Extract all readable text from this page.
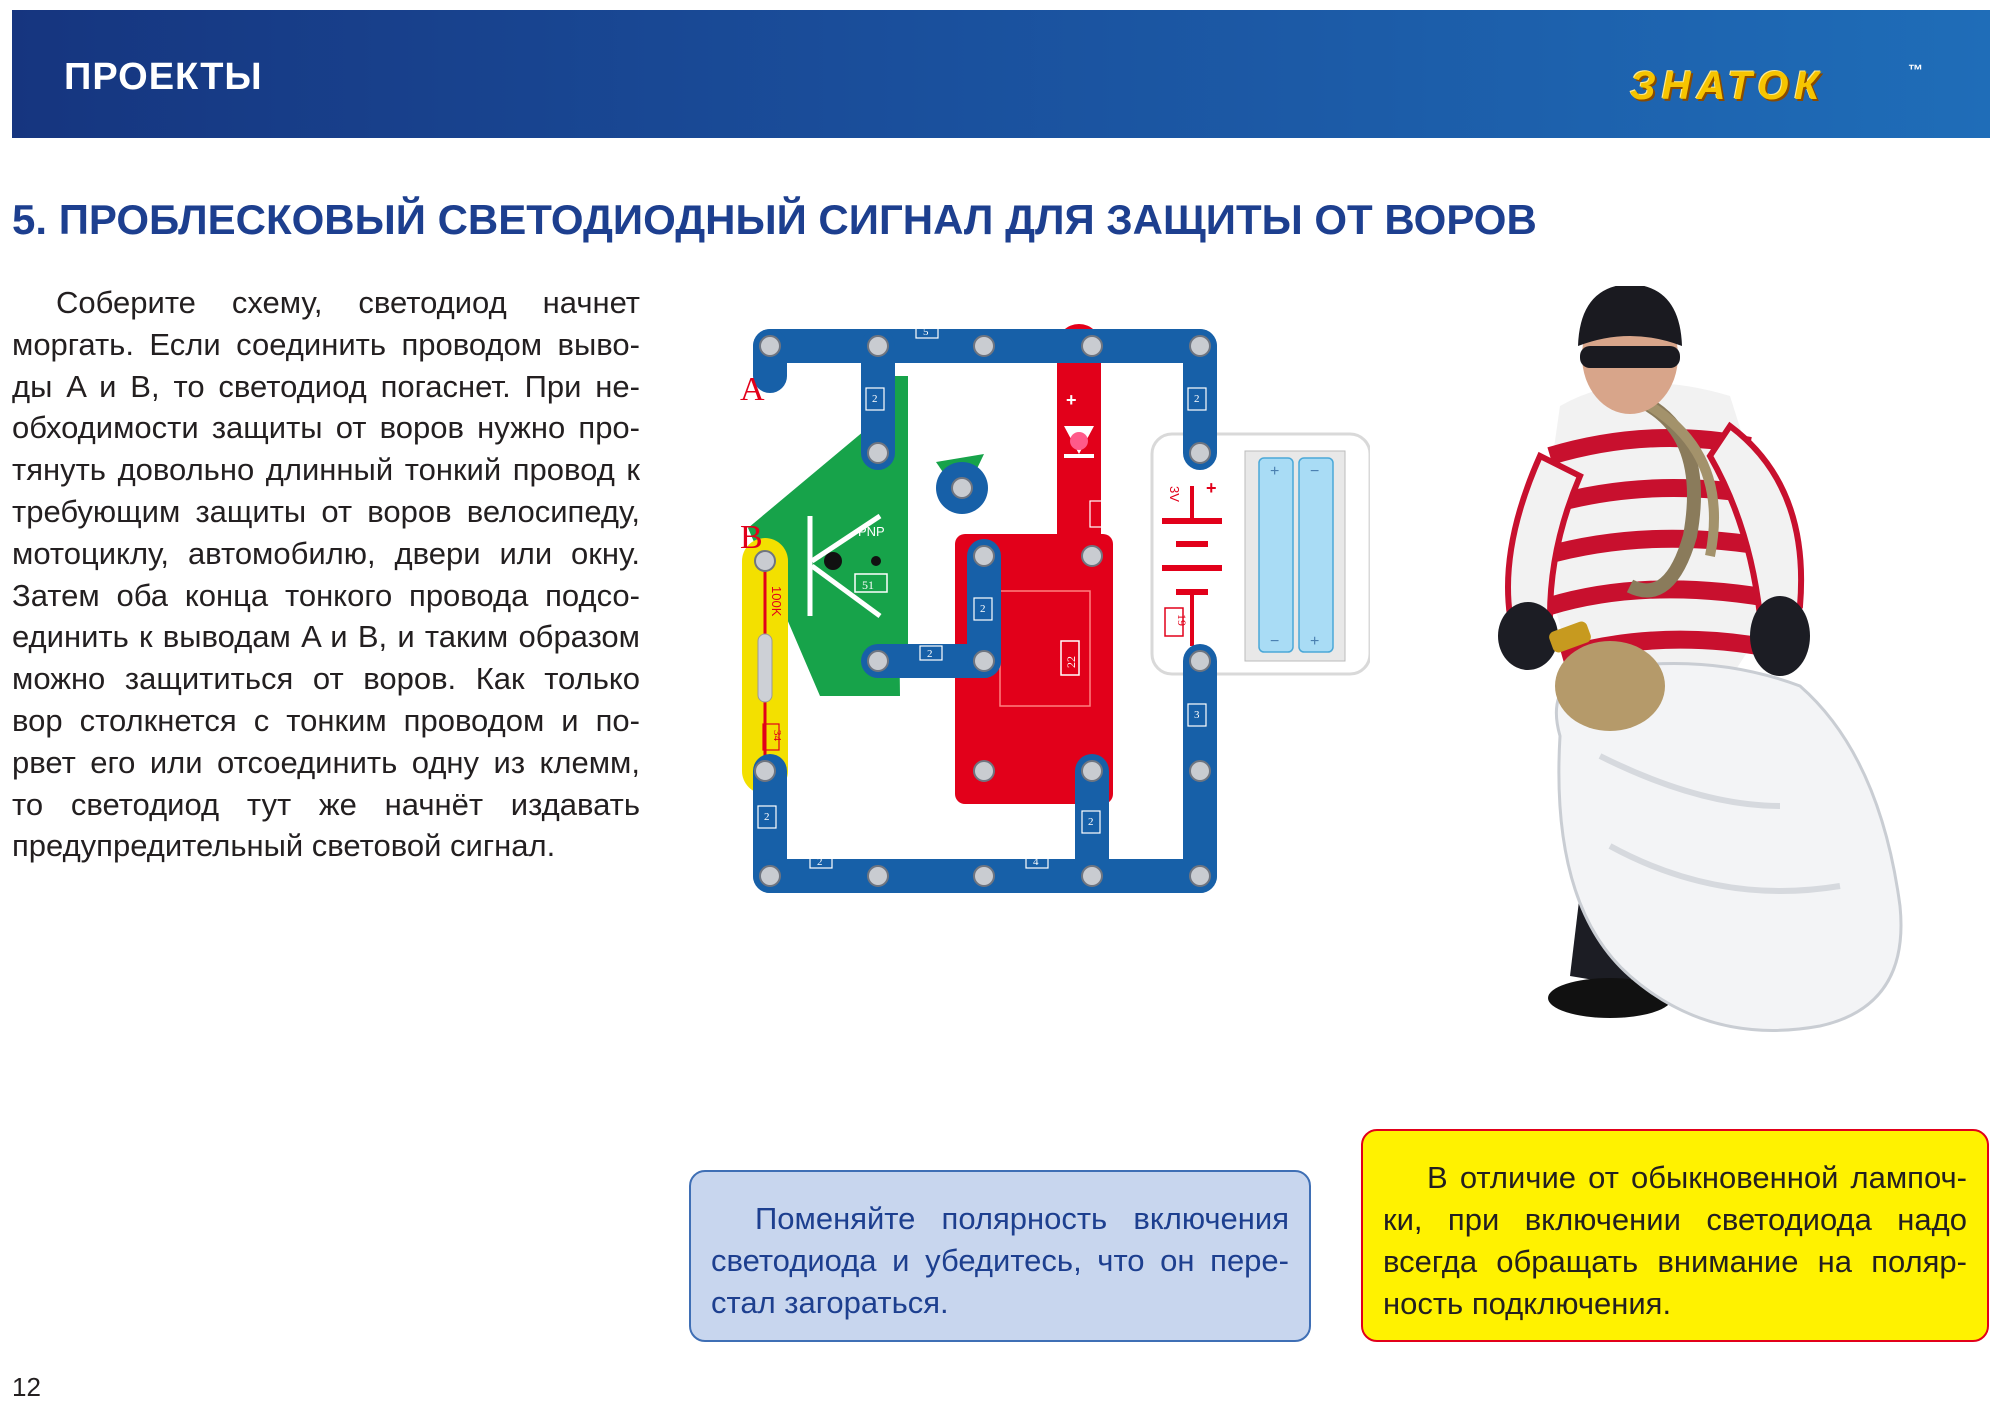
ПРОЕКТЫ	ЗНАТОК	™
5. ПРОБЛЕСКОВЫЙ СВЕТОДИОДНЫЙ СИГНАЛ ДЛЯ ЗАЩИТЫ ОТ ВОРОВ
Соберите схему, светодиод начнет
моргать. Если соединить проводом выво-
ды A и B, то светодиод погаснет. При не-
обходимости защиты от воров нужно про-
тянуть довольно длинный тонкий провод к
требующим защиты от воров велосипеду,
мотоциклу, автомобилю, двери или окну.
Затем оба конца тонкого провода подсо-
единить к выводам A и B, и таким образом
можно защититься от воров. Как только
вор столкнется с тонким проводом и по-
рвет его или отсоединить одну из клемм,
то светодиод тут же начнёт издавать
предупредительный световой сигнал.
PNP
51
22
+
17
100K
34
+
−
−
+
3V +
19
5
2	2
2
2
3
2
2	4
2
A
B
Поменяйте полярность включения
светодиода и убедитесь, что он пере-
стал загораться.
В отличие от обыкновенной лампоч-
ки, при включении светодиода надо
всегда обращать внимание на поляр-
ность подключения.
12
